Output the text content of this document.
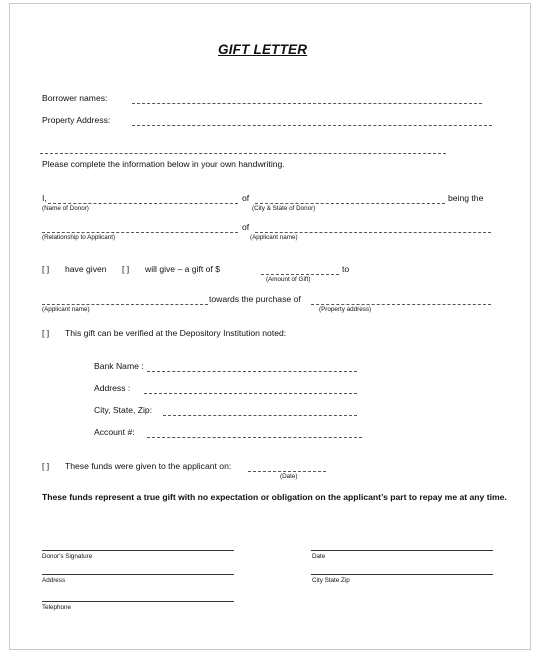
GIFT LETTER
Borrower names:
Property Address:
Please complete the information below in your own handwriting.
I,	of	being the
(Name of Donor)	(City & State of Donor)
of
(Relationship to Applicant)	(Applicant name)
[ ] have given [ ] will give – a gift of $	to
(Amount of Gift)
towards the purchase of
(Applicant name)	(Property address)
[ ] This gift can be verified at the Depository Institution noted:
Bank Name :
Address :
City, State, Zip:
Account #:
[ ] These funds were given to the applicant on:
(Date)
These funds represent a true gift with no expectation or obligation on the applicant’s part to repay me at any time.
Donor's Signature	Date
Address	City State Zip
Telephone
